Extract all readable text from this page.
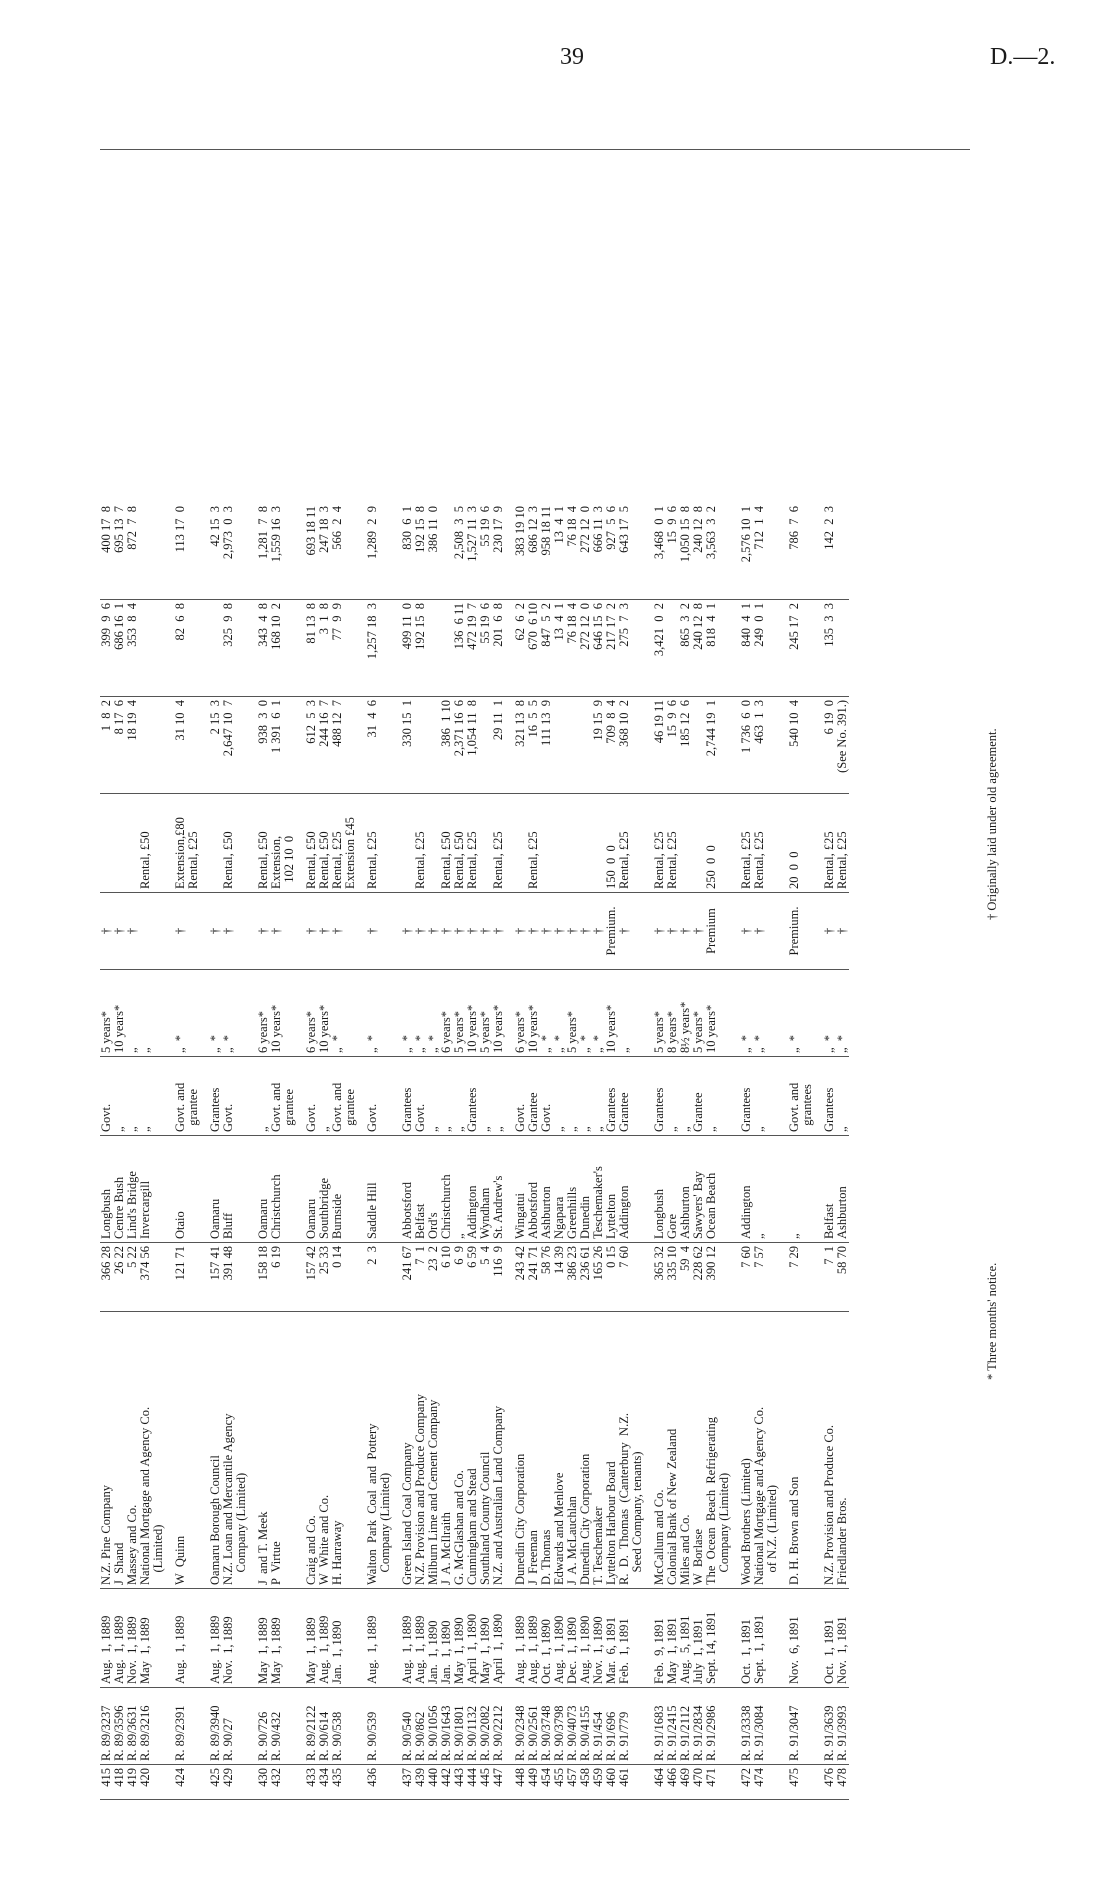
39	D.—2.
415	R. 89/3237	Aug.  1, 1889	N.Z. Pine Company	366 28	Longbush	Govt.	5 years*	†		1  8  2	399  9  6	400 17  8
418	R. 89/3596	Aug.  1, 1889	J  Shand	26 22	Centre Bush	„	10 years*	†		8 17  6	686 16  1	695 13  7
419	R. 89/3631	Nov.  1, 1889	Massey and Co.	5 22	Lind's Bridge	„	„	†		18 19  4	353  8  4	872  7  8
420	R. 89/3216	May  1, 1889	National Mortgage and Agency Co.	374 56	Invercargill	„	„		Rental, £50			
			(Limited)									
424	R. 89/2391	Aug.  1, 1889	W  Quinn	121 71	Otaio	Govt. and	„  *	†	Extension,£80	31 10  4	82  6  8	113 17  0
						grantee			Rental, £25			
425	R. 89/3940	Aug.  1, 1889	Oamaru Borough Council	157 41	Oamaru	Grantees	„  *	†		2 15  3		42 15  3
429	R. 90/27	Nov.  1, 1889	N.Z. Loan and Mercantile Agency	391 48	Bluff	Govt.	„  *	†	Rental, £50	2,647 10  7	325  9  8	2,973  0  3
			Company (Limited)									
430	R. 90/726	May  1, 1889	J  and T. Meek	158 18	Oamaru	„	6 years*	†	Rental, £50	938  3  0	343  4  8	1,281  7  8
432	R. 90/432	May  1, 1889	P  Virtue	6 19	Christchurch	Govt. and	10 years*	†	Extension,	1 391  6  1	168 10  2	1,559 16  3
						grantee			102 10  0			
433	R. 89/2122	May  1, 1889	Craig and Co.	157 42	Oamaru	Govt.	6 years*	†	Rental, £50	612  5  3	81 13  8	693 18 11
434	R. 90/614	Aug.  1, 1889	W  White and Co.	25 33	Southbridge	„	10 years*	†	Rental, £50	244 16  7	3  1  8	247 18  3
435	R. 90/538	Jan.  1, 1890	H. Harraway	0 14	Burnside	Govt. and	„  *	†	Rental, £25	488 12  7	77  9  9	566  2  4
						grantee			Extension £45			
436	R. 90/539	Aug.  1, 1889	Walton  Park  Coal  and  Pottery	2  3	Saddle Hill	Govt.	„  *	†	Rental, £25	31  4  6	1,257 18  3	1,289  2  9
			Company (Limited)									
437	R. 90/540	Aug.  1, 1889	Green Island Coal Company	241 67	Abbotsford	Grantees	„  *	†		330 15  1	499 11  0	830  6  1
439	R. 90/862	Aug.  1, 1889	N.Z. Provision and Produce Company	7  1	Belfast	Govt.	„  *	†	Rental, £25		192 15  8	192 15  8
440	R. 90/1056	Jan.  1, 1890	Milburn Lime and Cement Company	23  2	Ord's	„	„  *	†				386 11  0
442	R. 90/1643	Jan.  1, 1890	J  A. McIlraith	6 10	Christchurch	„	6 years*	†	Rental, £50	386  1 10		
443	R. 90/1801	May  1, 1890	G. McGlashan and Co.	6  9	„	„	5 years*	†	Rental, £50	2,371 16  6	136  6 11	2,508  3  5
444	R. 90/1132	April  1, 1890	Cunningham and Stead	6 59	Addington	Grantees	10 years*	†	Rental, £25	1,054 11  8	472 19  7	1,527 11  3
445	R. 90/2082	May  1, 1890	Southland County Council	5  4	Wyndham	„	5 years*	†			55 19  6	55 19  6
447	R. 90/2212	April  1, 1890	N.Z. and Australian Land Company	116  9	St. Andrew's	„	10 years*	†	Rental, £25	29 11  1	201  6  8	230 17  9
448	R. 90/2348	Aug.  1, 1889	Dunedin City Corporation	243 42	Wingatui	Govt.	6 years*	†		321 13  8	62  6  2	383 19 10
449	R. 90/2561	Aug.  1, 1889	J  Freeman	241 71	Abbotsford	Grantee	10 years*	†	Rental, £25	16  5  5	670  6 10	686 12  3
454	R. 90/3748	Oct.  1, 1890	D. Thomas	58 76	Ashburton	Govt.	„  *	†		111 13  9	847  5  2	958 18 11
455	R. 90/3798	Aug.  1, 1890	Edwards and Menlove	14 39	Ngapara	„	„  *	†			13  4  1	13  4  1
457	R. 90/4073	Dec.  1, 1890	J  A. McLauchlan	386 23	Greenhills	„	5 years*	†			76 18  4	76 18  4
458	R. 90/4155	Aug.  1, 1890	Dunedin City Corporation	236 61	Dunedin	„	„  *	†			272 12  0	272 12  0
459	R. 91/454	Nov.  1, 1890	T. Teschemaker	165 26	Teschemaker's	„	„  *	†		19 15  9	646 15  6	666 11  3
460	R. 91/696	Mar.  6, 1891	Lyttelton Harbour Board	0 15	Lyttelton	Grantees	10 years*	Premium.	150  0  0	709  8  4	217 17  2	927  5  6
461	R. 91/779	Feb.  1, 1891	R.  D.  Thomas  (Canterbury  N.Z.	7 60	Addington	Grantee	„	†	Rental, £25	368 10  2	275  7  3	643 17  5
			Seed Company, tenants)									
464	R. 91/1683	Feb.  9, 1891	McCallum and Co.	365 32	Longbush	Grantees	5 years*	†	Rental, £25	46 19 11	3,421  0  2	3,468  0  1
466	R. 91/2415	May  1, 1891	Colonial Bank of New Zealand	335 10	Gore	„	8 years*	†	Rental, £25	15  9  6		15  9  6
469	R. 91/2112	Aug.  5, 1891	Miles and Co.	59  4	Ashburton	„	8½ years*	†		185 12  6	865  3  2	1,050 15  8
470	R. 91/2834	July  1, 1891	W  Borlase	228 62	Sawyers' Bay	Grantee	5 years*	†			240 12  8	240 12  8
471	R. 91/2986	Sept. 14, 1891	The  Ocean  Beach  Refrigerating	390 12	Ocean Beach	„	10 years*	Premium	250  0  0	2,744 19  1	818  4  1	3,563  3  2
			Company (Limited)									
472	R. 91/3338	Oct.  1, 1891	Wood Brothers (Limited)	7 60	Addington	Grantees	„  *	†	Rental, £25	1 736  6  0	840  4  1	2,576 10  1
474	R. 91/3084	Sept.  1, 1891	National Mortgage and Agency Co.	7 57	„	„	„  *	†	Rental, £25	463  1  3	249  0  1	712  1  4
			of N.Z. (Limited)									
475	R. 91/3047	Nov.  6, 1891	D. H. Brown and Son	7 29	„	Govt. and	„  *	Premium.	20  0  0	540 10  4	245 17  2	786  7  6
						grantees						
476	R. 91/3639	Oct.  1, 1891	N.Z. Provision and Produce Co.	7  1	Belfast	Grantees	„  *	†	Rental, £25	6 19  0	135  3  3	142  2  3
478	R. 91/3993	Nov.  1, 1891	Friedlander Bros.	58 70	Ashburton	„	„  *	†	Rental, £25	(See No. 391.)		
* Three months' notice.
† Originally laid under old agreement.
